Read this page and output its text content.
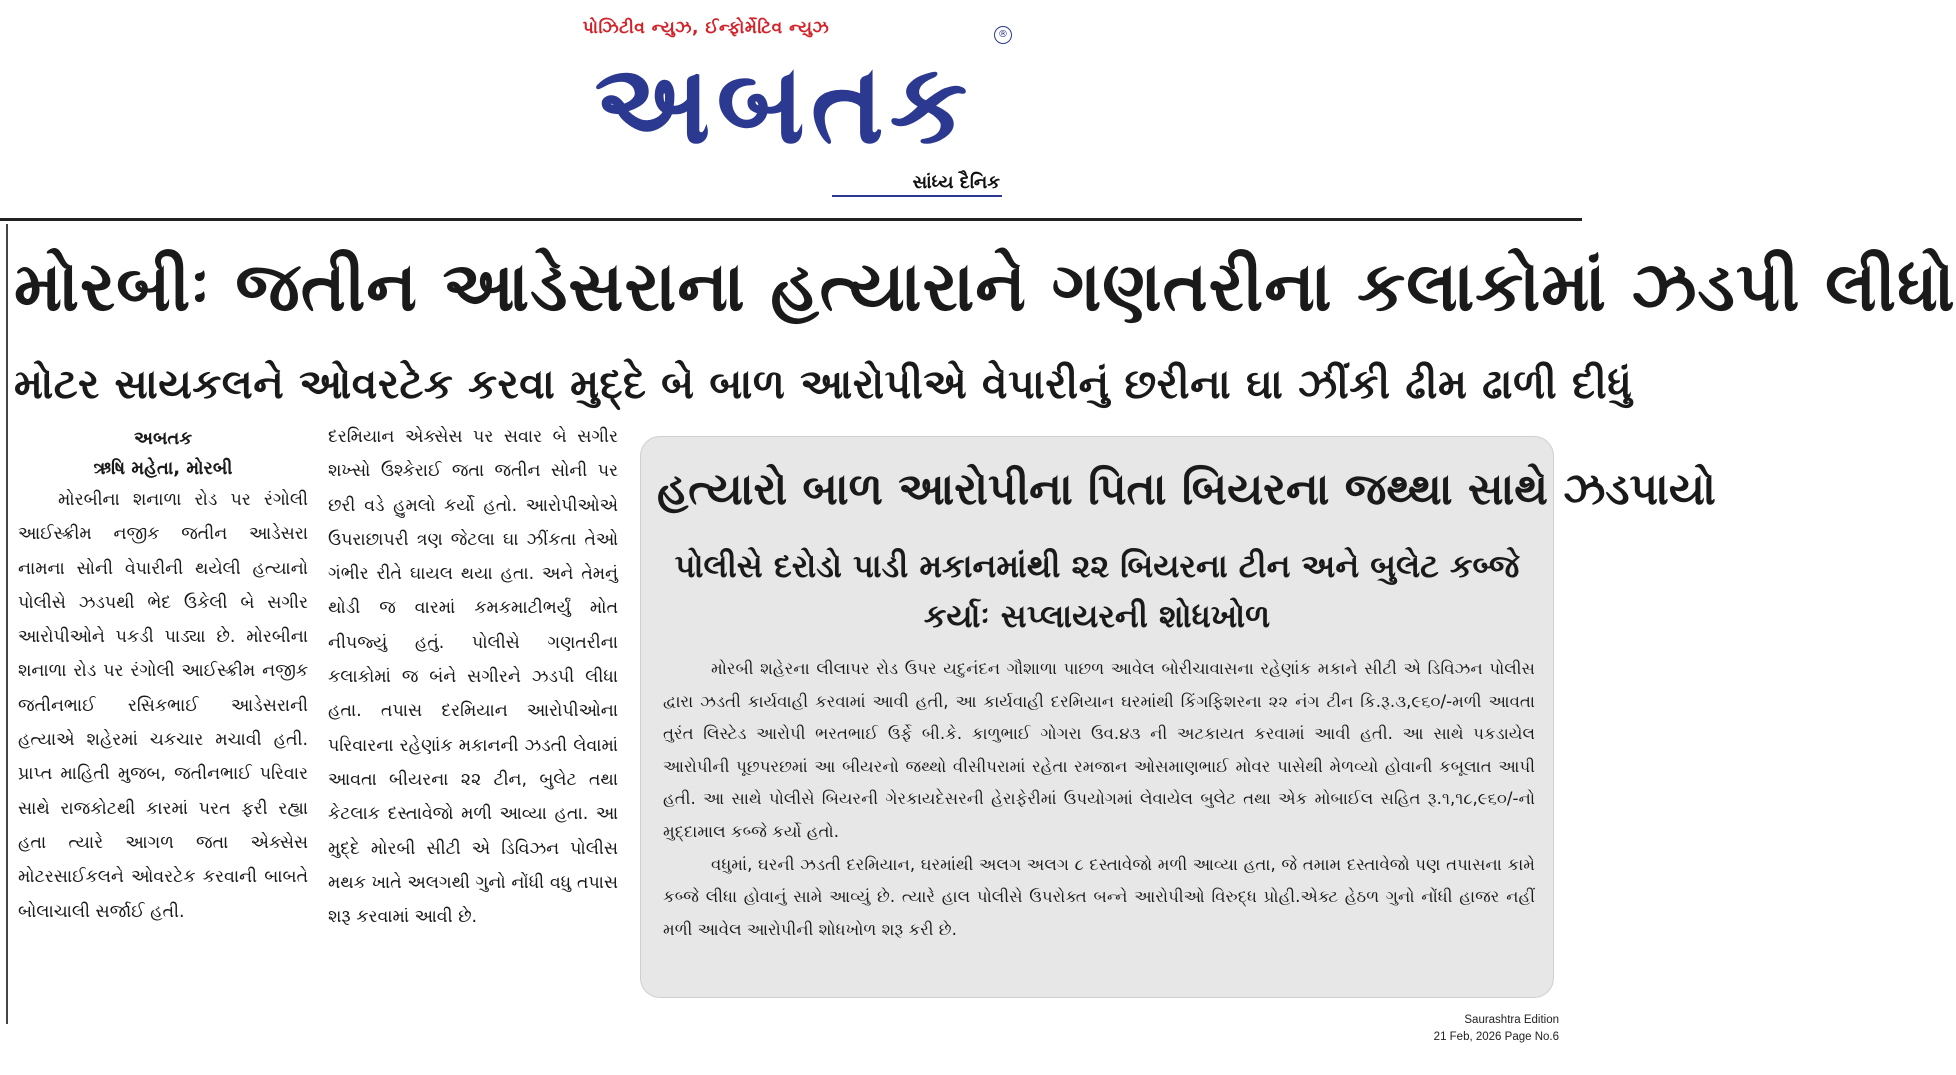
પોઝિટીવ ન્યુઝ, ઈન્ફોર્મેટિવ ન્યુઝ
અબતક
®
સાંધ્ય દૈનિક
મોરબીઃ જતીન આડેસરાના હત્યારાને ગણતરીના કલાકોમાં ઝડપી લીધો
મોટર સાયકલને ઓવરટેક કરવા મુદ્દે બે બાળ આરોપીએ વેપારીનું છરીના ઘા ઝીંકી ઢીમ ઢાળી દીધું
અબતક
ઋષિ મહેતા, મોરબી

મોરબીના શનાળા રોડ પર રંગોલી આઈસ્ક્રીમ નજીક જતીન આડેસરા નામના સોની વેપારીની થયેલી હત્યાનો પોલીસે ઝડપથી ભેદ ઉકેલી બે સગીર આરોપીઓને પકડી પાડ્યા છે. મોરબીના શનાળા રોડ પર રંગોલી આઈસ્ક્રીમ નજીક જતીનભાઈ રસિકભાઈ આડેસરાની હત્યાએ શહેરમાં ચકચાર મચાવી હતી. પ્રાપ્ત માહિતી મુજબ, જતીનભાઈ પરિવાર સાથે રાજકોટથી કારમાં પરત ફરી રહ્યા હતા ત્યારે આગળ જતા એક્સેસ મોટરસાઈકલને ઓવરટેક કરવાની બાબતે બોલાચાલી સર્જાઈ હતી.

દરમિયાન એક્સેસ પર સવાર બે સગીર શખ્સો ઉશ્કેરાઈ જતા જતીન સોની પર છરી વડે હુમલો કર્યો હતો. આરોપીઓએ ઉપરાછાપરી ત્રણ જેટલા ઘા ઝીંકતા તેઓ ગંભીર રીતે ઘાયલ થયા હતા. અને તેમનું થોડી જ વારમાં કમકમાટીભર્યું મોત નીપજ્યું હતું. પોલીસે ગણતરીના કલાકોમાં જ બંને સગીરને ઝડપી લીધા હતા. તપાસ દરમિયાન આરોપીઓના પરિવારના રહેણાંક મકાનની ઝડતી લેવામાં આવતા બીયરના ૨૨ ટીન, બુલેટ તથા કેટલાક દસ્તાવેજો મળી આવ્યા હતા. આ મુદ્દે મોરબી સીટી એ ડિવિઝન પોલીસ મથક ખાતે અલગથી ગુનો નોંધી વધુ તપાસ શરૂ કરવામાં આવી છે.

હત્યારો બાળ આરોપીના પિતા બિયરના જથ્થા સાથે ઝડપાયો
પોલીસે દરોડો પાડી મકાનમાંથી ૨૨ બિયરના ટીન અને બુલેટ કબ્જે કર્યાઃ સપ્લાયરની શોધખોળ

મોરબી શહેરના લીલાપર રોડ ઉપર યદુનંદન ગૌશાળા પાછળ આવેલ બોરીચાવાસના રહેણાંક મકાને સીટી એ ડિવિઝન પોલીસ દ્વારા ઝડતી કાર્યવાહી કરવામાં આવી હતી, આ કાર્યવાહી દરમિયાન ઘરમાંથી કિંગફિશરના ૨૨ નંગ ટીન કિ.રૂ.૩,૯૬૦/-મળી આવતા તુરંત લિસ્ટેડ આરોપી ભરતભાઈ ઉર્ફે બી.કે. કાળુભાઈ ગોગરા ઉવ.૪૩ ની અટકાયત કરવામાં આવી હતી. આ સાથે પકડાયેલ આરોપીની પૂછપરછમાં આ બીયરનો જથ્થો વીસીપરામાં રહેતા રમજાન ઓસમાણભાઈ મોવર પાસેથી મેળવ્યો હોવાની કબૂલાત આપી હતી. આ સાથે પોલીસે બિયરની ગેરકાયદેસરની હેરાફેરીમાં ઉપયોગમાં લેવાયેલ બુલેટ તથા એક મોબાઈલ સહિત રૂ.૧,૧૮,૯૬૦/-નો મુદ્દામાલ કબ્જે કર્યો હતો.

વધુમાં, ઘરની ઝડતી દરમિયાન, ઘરમાંથી અલગ અલગ ૮ દસ્તાવેજો મળી આવ્યા હતા, જે તમામ દસ્તાવેજો પણ તપાસના કામે કબ્જે લીધા હોવાનું સામે આવ્યું છે. ત્યારે હાલ પોલીસે ઉપરોક્ત બન્ને આરોપીઓ વિરુદ્ધ પ્રોહી.એક્ટ હેઠળ ગુનો નોંધી હાજર નહીં મળી આવેલ આરોપીની શોધખોળ શરૂ કરી છે.

Saurashtra Edition
21 Feb, 2026 Page No.6
